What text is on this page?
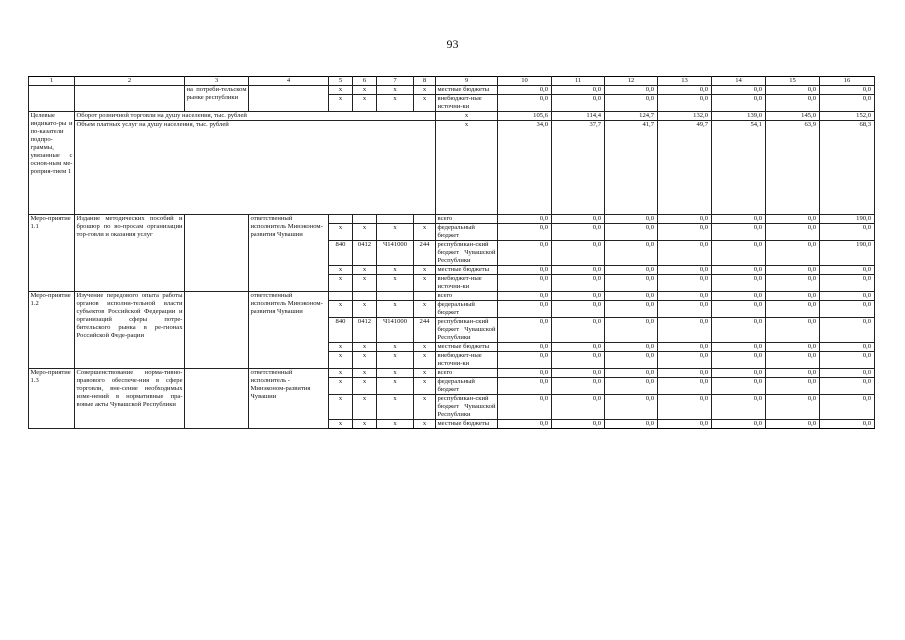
93
1	2	3	4	5	6	7	8	9	10	11	12	13	14	15	16
		на потреби-тельском рынке республики		x	x	x	x	местные бюджеты	0,0	0,0	0,0	0,0	0,0	0,0	0,0
				x	x	x	x	внебюджет-ные источни-ки	0,0	0,0	0,0	0,0	0,0	0,0	0,0
Целевые индикато-ры и по-казатели подпро-граммы, увязанные с основ-ным ме-роприя-тием 1	Оборот розничной торговли на душу населения, тыс. рублей							x	105,6	114,4	124,7	132,0	139,0	145,0	152,0
	Объем платных услуг на душу населения, тыс. рублей							x	34,0	37,7	41,7	49,7	54,1	63,9	68,3
Меро-приятие 1.1	Издание методических пособий и брошюр по во-просам организации тор-говли и оказания услуг		ответственный исполнитель Минэконом-развития Чувашии					всего	0,0	0,0	0,0	0,0	0,0	0,0	190,0
				x	x	x	x	федеральный бюджет	0,0	0,0	0,0	0,0	0,0	0,0	0,0
				840	0412	Ч141000	244	республикан-ский бюджет Чувашской Республики	0,0	0,0	0,0	0,0	0,0	0,0	190,0
				x	x	x	x	местные бюджеты	0,0	0,0	0,0	0,0	0,0	0,0	0,0
				x	x	x	x	внебюджет-ные источни-ки	0,0	0,0	0,0	0,0	0,0	0,0	0,0
Меро-приятие 1.2	Изучение передового опыта работы органов исполни-тельной власти субъектов Российской Федерации и организаций сферы потре-бительского рынка в ре-гионах Российской Феде-рации		ответственный исполнитель Минэконом-развития Чувашии					всего	0,0	0,0	0,0	0,0	0,0	0,0	0,0
				x	x	x	x	федеральный бюджет	0,0	0,0	0,0	0,0	0,0	0,0	0,0
				840	0412	Ч141000	244	республикан-ский бюджет Чувашской Республики	0,0	0,0	0,0	0,0	0,0	0,0	0,0
				x	x	x	x	местные бюджеты	0,0	0,0	0,0	0,0	0,0	0,0	0,0
				x	x	x	x	внебюджет-ные источни-ки	0,0	0,0	0,0	0,0	0,0	0,0	0,0
Меро-приятие 1.3	Совершенствование норма-тивно-правового обеспече-ния в сфере торговли, вне-сение необходимых изме-нений в нормативные пра-вовые акты Чувашской Республики		ответственный исполнитель - Минэконом-развития Чувашии	x	x	x	x	всего	0,0	0,0	0,0	0,0	0,0	0,0	0,0
				x	x	x	x	федеральный бюджет	0,0	0,0	0,0	0,0	0,0	0,0	0,0
				x	x	x	x	республикан-ский бюджет Чувашской Республики	0,0	0,0	0,0	0,0	0,0	0,0	0,0
				x	x	x	x	местные бюджеты	0,0	0,0	0,0	0,0	0,0	0,0	0,0
